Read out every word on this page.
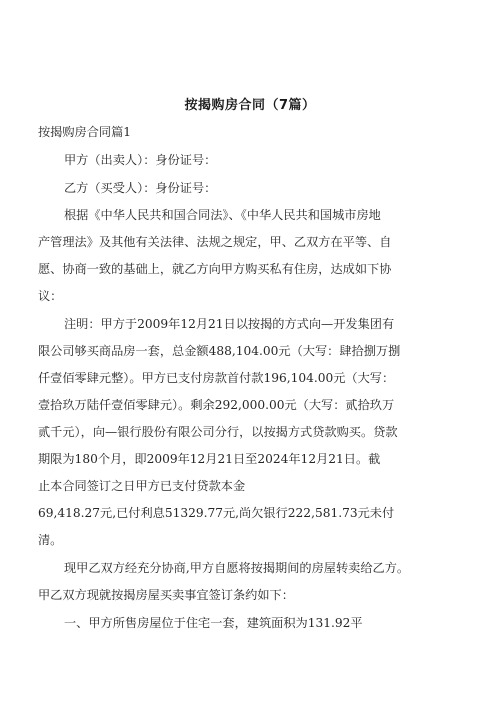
按揭购房合同（7篇）
按揭购房合同篇1
甲方（出卖人）：身份证号：
乙方（买受人）：身份证号：
根据《中华人民共和国合同法》、《中华人民共和国城市房地
产管理法》及其他有关法律、法规之规定，甲、乙双方在平等、自
愿、协商一致的基础上，就乙方向甲方购买私有住房，达成如下协
议：
注明：甲方于2009年12月21日以按揭的方式向—开发集团有
限公司够买商品房一套，总金额488,104.00元（大写：肆拾捌万捌
仟壹佰零肆元整）。甲方已支付房款首付款196,104.00元（大写：
壹拾玖万陆仟壹佰零肆元）。剩余292,000.00元（大写：贰拾玖万
贰千元），向—银行股份有限公司分行，以按揭方式贷款购买。贷款
期限为180个月，即2009年12月21日至2024年12月21日。截
止本合同签订之日甲方已支付贷款本金
69,418.27元,已付利息51329.77元,尚欠银行222,581.73元未付
清。
现甲乙双方经充分协商,甲方自愿将按揭期间的房屋转卖给乙方。
甲乙双方现就按揭房屋买卖事宜签订条约如下：
一、甲方所售房屋位于住宅一套，建筑面积为131.92平
